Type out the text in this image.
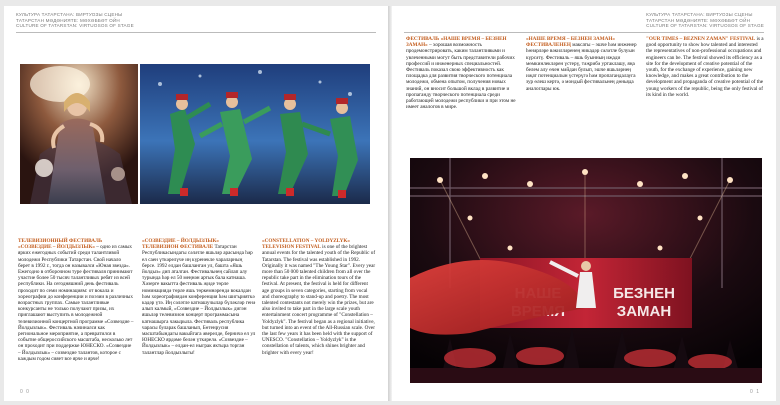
КУЛЬТУРА ТАТАРСТАНА: ВИРТУОЗЫ СЦЕНЫ
ТАТАРСТАН МӘДӘНИЯТЕ: МӘХӘББӘТ ОЙН
CULTURE OF TATARSTAN: VIRTUOSOS OF STAGE

ТЕЛЕВИЗИОННЫЙ ФЕСТИВАЛЬ «СОЗВЕЗДИЕ – ЙОЛДЫЗЛЫК» – одно из самых ярких ежегодных событий среди талантливой молодежи Республики Татарстан. Свой начало берет в 1992 г., тогда он назывался «Юная звезда». Ежегодно в отборочном туре фестиваля принимают участие более 50 тысяч талантливых ребят из всей республики. На сегодняшний день фестиваль проходит по семи номинациям: от вокала и хореографии до конференции и поэзии в различных возрастных группах. Самые талантливые конкурсанты не только получают призы, их приглашают выступить в молодежной телевизионной концертной программе «Созвездие – Йолдызлык». Фестиваль начинался как региональное мероприятие, а превратился в событие общероссийского масштаба, несколько лет он проходит при поддержке ЮНЕСКО. «Созвездие – Йолдызлык» – созвездие талантов, которое с каждым годом сияет все ярче и ярче!

«СОЗВЕЗДИЕ – ЙОЛДЫЗЛЫК» ТЕЛЕВИЗИОН ФЕСТИВАЛЕ Татарстан Республикасындагы сәләтле яшьләр арасында һәр ел саен үткәрелүче иң күренекле чараларның берсе. 1992 елдан башланган ул, башта «Яшь йолдыз» дип аталган. Фестивальнең сайлап алу турында һәр ел 50 меңнән артык бала катнаша. Хәзерге вакытта фестиваль җиде төрле номинациядә төрле яшь төркемнәрендә вокалдан һәм хореографиядән конференция һәм шигърияткә кадәр үтә. Иң сәләтле катнашучылар бүләкләр генә алып калмый, «Созвездие – Йолдызлык» дигән яшьләр телевизион концерт программасына катнашырга чакырыла. Фестиваль республика чарасы буларак башланып, Бөтенрусия масштабындагы вакыйгага әверелде, берничә ел ул ЮНЕСКО ярдәме белән үткәрелә. «Созвездие – Йолдызлык» – елдан-ел ныграк яктыра торган талантлар йолдызлыгы!

«CONSTELLATION – YOLDYZLYK» TELEVISION FESTIVAL is one of the brightest annual events for the talented youth of the Republic of Tatarstan. The festival was established in 1992. Originally it was named "The Young Star". Every year more than 50 000 talented children from all over the republic take part in the elimination tours of the festival. At present, the festival is held for different age groups in seven categories, starting from vocal and choreography to stand-up and poetry. The most talented contestants not merely win the prizes, but are also invited to take part in the large scale youth entertainment concert programme of "Constellation – Yoldyzlyk". The festival began as a regional initiative, but turned into an event of the All-Russian scale. Over the last few years it has been held with the support of UNESCO. "Constellation – Yoldyzlyk" is the constellation of talents, which shines brighter and brighter with every year!

0 0
КУЛЬТУРА ТАТАРСТАНА: ВИРТУОЗЫ СЦЕНЫ
ТАТАРСТАН МӘДӘНИЯТЕ: МӘХӘББӘТ ОЙН
CULTURE OF TATARSTAN: VIRTUOSOS OF STAGE

ФЕСТИВАЛЬ «НАШЕ ВРЕМЯ – БЕЗНЕН ЗАМАН» – хорошая возможность продемонстрировать, каким талантливыми и увлеченными могут быть представители рабочих профессий и инженерных специальностей. Фестиваль показал свою эффективность как площадка для развития творческого потенциала молодежи, обмена опытом, получения новых знаний, он вносит большой вклад в развитие и пропаганду творческого потенциала среди работающей молодежи республики и при этом не имеет аналогов в мире.

«НАШЕ ВРЕМЯ – БЕЗНЕН ЗАМАН» ФЕСТИВАЛЕНЕҢ максаты – эшче һәм инженер һөнәрләре вәкилләренең никадәр сәләтле булуын күрсәтү. Фестиваль – яшь буынның иҗади мөмкинлекләрен үстерү, тәҗрибә уртаклашу, яңа белем алу өчен мәйдан булып, эшче яшьләрнең иҗат потенциалын үстерүгә һәм пропагандалауга зур өлеш кертә, ә мондый фестивальнең дөньяда аналоглары юк.

"OUR TIMES – BEZNEN ZAMAN" FESTIVAL is a good opportunity to show how talented and interested the representatives of non-professional occupations and engineers can be. The festival showed its efficiency as a site for the development of creative potential of the youth, for the exchange of experience, gaining new knowledge, and makes a great contribution to the development and propaganda of creative potential of the young workers of the republic, being the only festival of its kind in the world.

БЕЗНЕН
ЗАМАН
0 1
